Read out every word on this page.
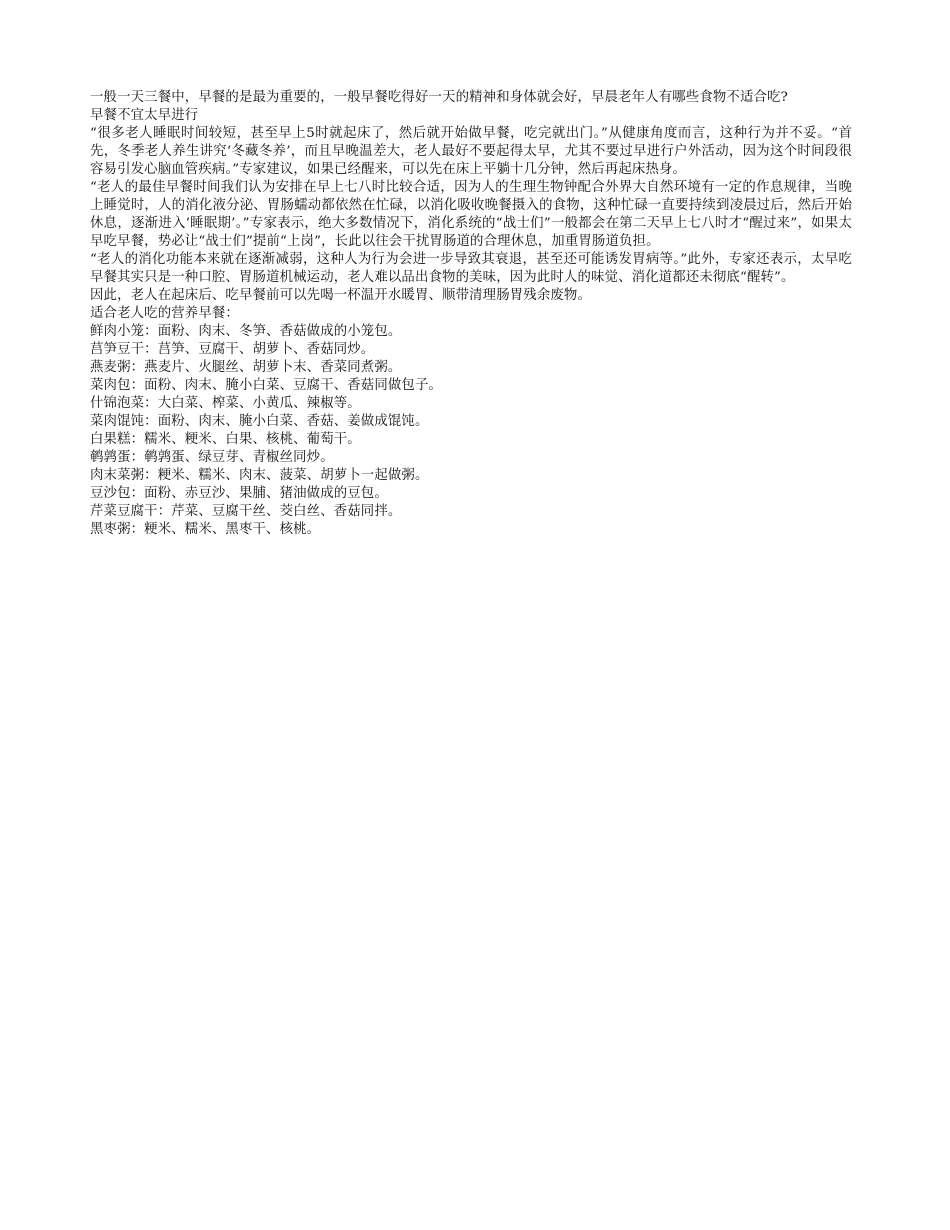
一般一天三餐中，早餐的是最为重要的，一般早餐吃得好一天的精神和身体就会好，早晨老年人有哪些食物不适合吃?

早餐不宜太早进行

“很多老人睡眠时间较短，甚至早上5时就起床了，然后就开始做早餐，吃完就出门。”从健康角度而言，这种行为并不妥。“首先，冬季老人养生讲究‘冬藏冬养’，而且早晚温差大，老人最好不要起得太早，尤其不要过早进行户外活动，因为这个时间段很容易引发心脑血管疾病。”专家建议，如果已经醒来，可以先在床上平躺十几分钟，然后再起床热身。

“老人的最佳早餐时间我们认为安排在早上七八时比较合适，因为人的生理生物钟配合外界大自然环境有一定的作息规律，当晚上睡觉时，人的消化液分泌、胃肠蠕动都依然在忙碌，以消化吸收晚餐摄入的食物，这种忙碌一直要持续到凌晨过后，然后开始休息，逐渐进入‘睡眠期’。”专家表示，绝大多数情况下，消化系统的“战士们”一般都会在第二天早上七八时才“醒过来”，如果太早吃早餐，势必让“战士们”提前“上岗”，长此以往会干扰胃肠道的合理休息，加重胃肠道负担。

“老人的消化功能本来就在逐渐减弱，这种人为行为会进一步导致其衰退，甚至还可能诱发胃病等。”此外，专家还表示，太早吃早餐其实只是一种口腔、胃肠道机械运动，老人难以品出食物的美味，因为此时人的味觉、消化道都还未彻底“醒转”。

因此，老人在起床后、吃早餐前可以先喝一杯温开水暖胃、顺带清理肠胃残余废物。

适合老人吃的营养早餐：

鲜肉小笼：面粉、肉末、冬笋、香菇做成的小笼包。

莒笋豆干：莒笋、豆腐干、胡萝卜、香菇同炒。

燕麦粥：燕麦片、火腿丝、胡萝卜末、香菜同煮粥。

菜肉包：面粉、肉末、腌小白菜、豆腐干、香菇同做包子。

什锦泡菜：大白菜、榨菜、小黄瓜、辣椒等。

菜肉馄饨：面粉、肉末、腌小白菜、香菇、姜做成馄饨。

白果糕：糯米、粳米、白果、核桃、葡萄干。

鹌鹑蛋：鹌鹑蛋、绿豆芽、青椒丝同炒。

肉末菜粥：粳米、糯米、肉末、菠菜、胡萝卜一起做粥。

豆沙包：面粉、赤豆沙、果脯、猪油做成的豆包。

芹菜豆腐干：芹菜、豆腐干丝、茭白丝、香菇同拌。

黑枣粥：粳米、糯米、黑枣干、核桃。
